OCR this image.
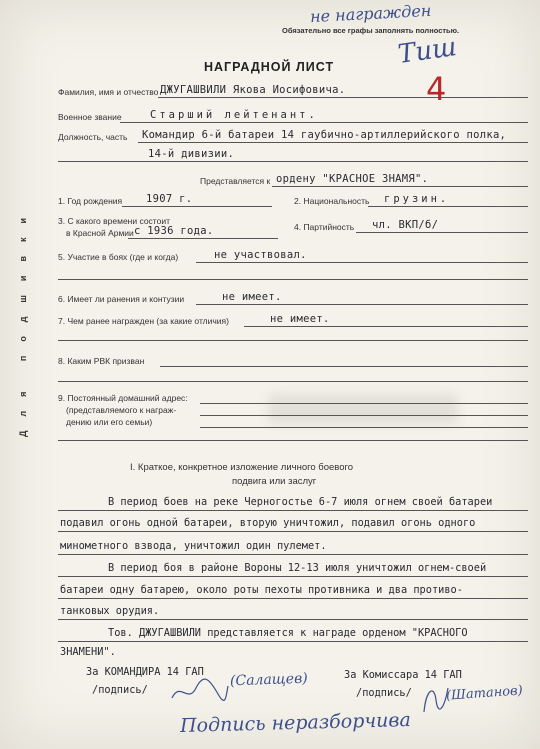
не награжден
Обязательно все графы заполнять полностью.
Тиш
4
НАГРАДНОЙ ЛИСТ
Для подшивки
Фамилия, имя и отчество ДЖУГАШВИЛИ Якова Иосифовича.
Военное звание	Старший лейтенант.
Должность, часть Командир 6-й батареи 14 гаубично-артиллерийского полка,
14-й дивизии.
Представляется к ордену "КРАСНОЕ ЗНАМЯ".
1. Год рождения 1907 г.	2. Национальность грузин.
3. С какого времени состоит
в Красной Армии с 1936 года.	4. Партийность чл. ВКП/б/
5. Участие в боях (где и когда)	не участвовал.
6. Имеет ли ранения и контузии	не имеет.
7. Чем ранее награжден (за какие отличия)	не имеет.
8. Каким РВК призван
9. Постоянный домашний адрес:
(представляемого к награж-
дению или его семьи)
I. Краткое, конкретное изложение личного боевого
подвига или заслуг
В период боев на реке Черногостье 6-7 июля огнем своей батареи
подавил огонь одной батареи, вторую уничтожил, подавил огонь одного
минометного взвода, уничтожил один пулемет.
В период боя в районе Вороны 12-13 июля уничтожил огнем-своей
батареи одну батарею, около роты пехоты противника и два противо-
танковых орудия.
Тов. ДЖУГАШВИЛИ представляется к награде орденом "КРАСНОГО
ЗНАМЕНИ".
За КОМАНДИРА 14 ГАП
/подпись/
(Салащев)	За Комиссара 14 ГАП
/подпись/	(Шатанов)
Подпись неразборчива
